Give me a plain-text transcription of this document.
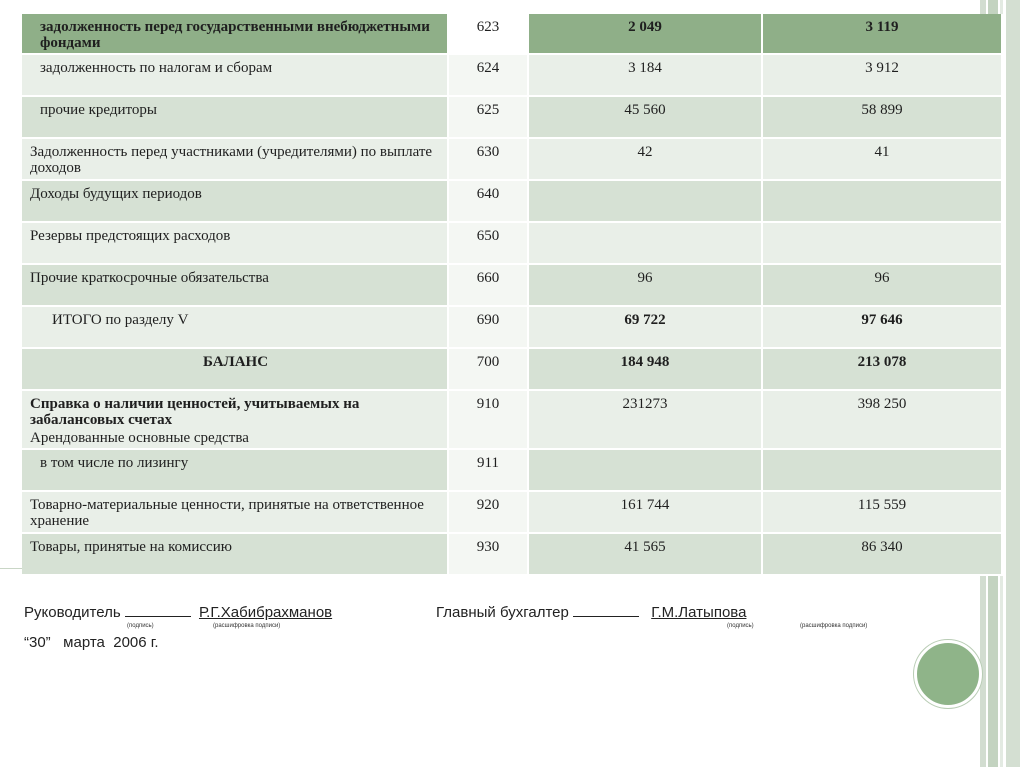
задолженность перед государственными внебюджетными фондами	623	2 049	3 119
задолженность по налогам и сборам	624	3 184	3 912
прочие кредиторы	625	45 560	58 899
Задолженность перед участниками (учредителями) по выплате доходов	630	42	41
Доходы будущих периодов	640		
Резервы предстоящих расходов	650		
Прочие краткосрочные обязательства	660	96	96
ИТОГО по разделу V	690	69 722	97 646
БАЛАНС	700	184 948	213 078
Справка о наличии ценностей, учитываемых на забалансовых счетах
Арендованные основные средства	910	231273	398 250
в том числе по лизингу	911		
Товарно-материальные ценности, принятые на ответственное хранение	920	161 744	115 559
Товары, принятые на комиссию	930	41 565	86 340
Руководитель	Р.Г.Хабибрахманов
(подпись)	(расшифровка подписи)
Главный бухгалтер	Г.М.Латыпова
(подпись)	(расшифровка подписи)
“30”   марта  2006 г.
